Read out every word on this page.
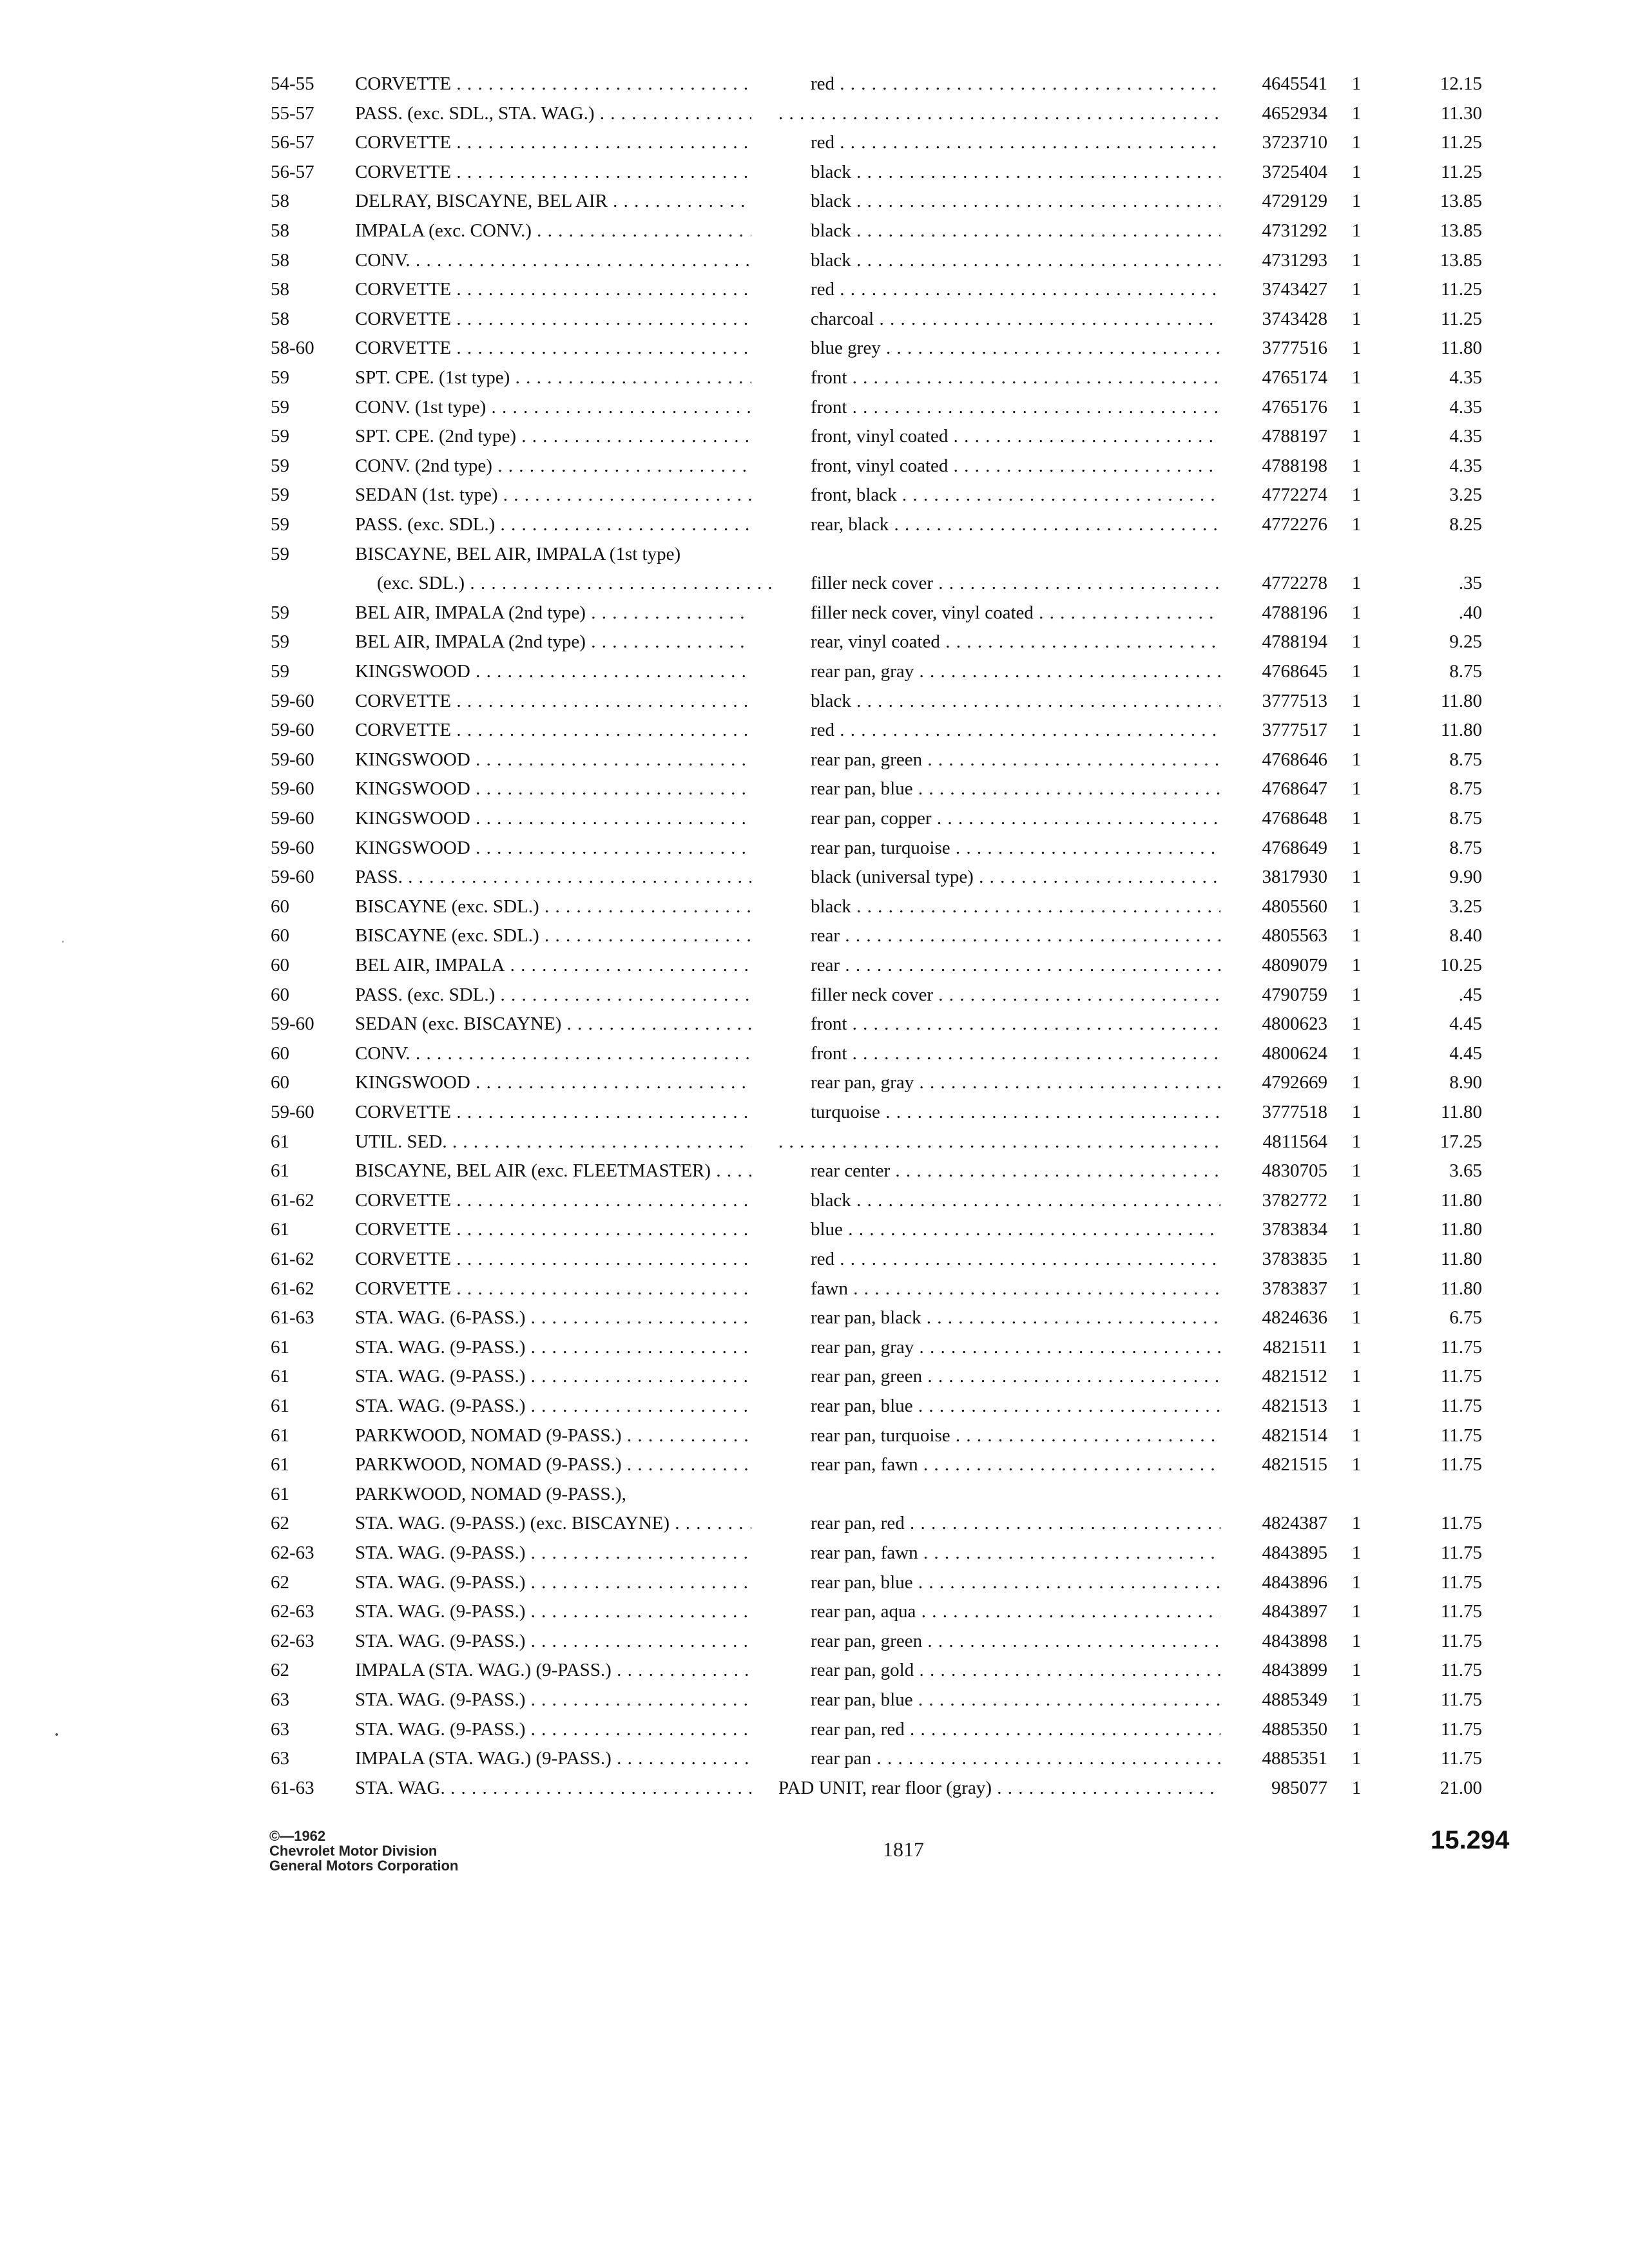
54-55	CORVETTE . . .	red . . .	4645541	1	12.15
55-57	PASS. (exc. SDL., STA. WAG.) . . . . . .	4652934	1	11.30
56-57	CORVETTE . . .	red . . .	3723710	1	11.25
56-57	CORVETTE . . .	black . . .	3725404	1	11.25
58	DELRAY, BISCAYNE, BEL AIR . . .	black . . .	4729129	1	13.85
58	IMPALA (exc. CONV.) . . .	black . . .	4731292	1	13.85
58	CONV. . . .	black . . .	4731293	1	13.85
58	CORVETTE . . .	red . . .	3743427	1	11.25
58	CORVETTE . . .	charcoal . . .	3743428	1	11.25
58-60	CORVETTE . . .	blue grey . . .	3777516	1	11.80
59	SPT. CPE. (1st type) . . .	front . . .	4765174	1	4.35
59	CONV. (1st type) . . .	front . . .	4765176	1	4.35
59	SPT. CPE. (2nd type) . . .	front, vinyl coated . . .	4788197	1	4.35
59	CONV. (2nd type) . . .	front, vinyl coated . . .	4788198	1	4.35
59	SEDAN (1st. type) . . .	front, black . . .	4772274	1	3.25
59	PASS. (exc. SDL.) . . .	rear, black . . .	4772276	1	8.25
59	BISCAYNE, BEL AIR, IMPALA (1st type)
(exc. SDL.) . . .	filler neck cover . . .	4772278	1	.35
59	BEL AIR, IMPALA (2nd type) . . .	filler neck cover, vinyl coated . . .	4788196	1	.40
59	BEL AIR, IMPALA (2nd type) . . .	rear, vinyl coated . . .	4788194	1	9.25
59	KINGSWOOD . . .	rear pan, gray . . .	4768645	1	8.75
59-60	CORVETTE . . .	black . . .	3777513	1	11.80
59-60	CORVETTE . . .	red . . .	3777517	1	11.80
59-60	KINGSWOOD . . .	rear pan, green . . .	4768646	1	8.75
59-60	KINGSWOOD . . .	rear pan, blue . . .	4768647	1	8.75
59-60	KINGSWOOD . . .	rear pan, copper . . .	4768648	1	8.75
59-60	KINGSWOOD . . .	rear pan, turquoise . . .	4768649	1	8.75
59-60	PASS. . . .	black (universal type) . . .	3817930	1	9.90
60	BISCAYNE (exc. SDL.) . . .	black . . .	4805560	1	3.25
60	BISCAYNE (exc. SDL.) . . .	rear . . .	4805563	1	8.40
60	BEL AIR, IMPALA . . .	rear . . .	4809079	1	10.25
60	PASS. (exc. SDL.) . . .	filler neck cover . . .	4790759	1	.45
59-60	SEDAN (exc. BISCAYNE) . . .	front . . .	4800623	1	4.45
60	CONV. . . .	front . . .	4800624	1	4.45
60	KINGSWOOD . . .	rear pan, gray . . .	4792669	1	8.90
59-60	CORVETTE . . .	turquoise . . .	3777518	1	11.80
61	UTIL. SED. . . . . . .	4811564	1	17.25
61	BISCAYNE, BEL AIR (exc. FLEETMASTER) . . .	rear center . . .	4830705	1	3.65
61-62	CORVETTE . . .	black . . .	3782772	1	11.80
61	CORVETTE . . .	blue . . .	3783834	1	11.80
61-62	CORVETTE . . .	red . . .	3783835	1	11.80
61-62	CORVETTE . . .	fawn . . .	3783837	1	11.80
61-63	STA. WAG. (6-PASS.) . . .	rear pan, black . . .	4824636	1	6.75
61	STA. WAG. (9-PASS.) . . .	rear pan, gray . . .	4821511	1	11.75
61	STA. WAG. (9-PASS.) . . .	rear pan, green . . .	4821512	1	11.75
61	STA. WAG. (9-PASS.) . . .	rear pan, blue . . .	4821513	1	11.75
61	PARKWOOD, NOMAD (9-PASS.) . . .	rear pan, turquoise . . .	4821514	1	11.75
61	PARKWOOD, NOMAD (9-PASS.) . . .	rear pan, fawn . . .	4821515	1	11.75
61	PARKWOOD, NOMAD (9-PASS.),
62	STA. WAG. (9-PASS.) (exc. BISCAYNE) . . .	rear pan, red . . .	4824387	1	11.75
62-63	STA. WAG. (9-PASS.) . . .	rear pan, fawn . . .	4843895	1	11.75
62	STA. WAG. (9-PASS.) . . .	rear pan, blue . . .	4843896	1	11.75
62-63	STA. WAG. (9-PASS.) . . .	rear pan, aqua . . .	4843897	1	11.75
62-63	STA. WAG. (9-PASS.) . . .	rear pan, green . . .	4843898	1	11.75
62	IMPALA (STA. WAG.) (9-PASS.) . . .	rear pan, gold . . .	4843899	1	11.75
63	STA. WAG. (9-PASS.) . . .	rear pan, blue . . .	4885349	1	11.75
63	STA. WAG. (9-PASS.) . . .	rear pan, red . . .	4885350	1	11.75
63	IMPALA (STA. WAG.) (9-PASS.) . . .	rear pan . . .	4885351	1	11.75
61-63	STA. WAG. . . .	PAD UNIT, rear floor (gray) . . .	985077	1	21.00
©—1962
Chevrolet Motor Division
General Motors Corporation
1817	15.294
